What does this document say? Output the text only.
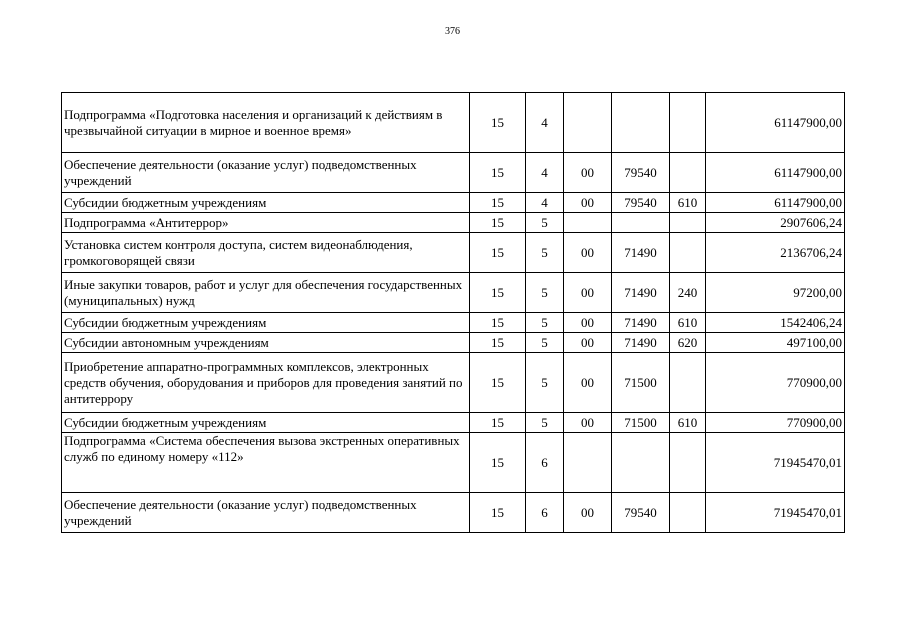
376
Подпрограмма «Подготовка населения и организаций к действиям в чрезвычайной ситуации в мирное и военное время»	15	4				61147900,00
Обеспечение деятельности (оказание услуг) подведомственных учреждений	15	4	00	79540		61147900,00
Субсидии бюджетным учреждениям	15	4	00	79540	610	61147900,00
Подпрограмма «Антитеррор»	15	5				2907606,24
Установка систем контроля доступа, систем видеонаблюдения, громкоговорящей связи	15	5	00	71490		2136706,24
Иные закупки товаров, работ и услуг для обеспечения государственных (муниципальных) нужд	15	5	00	71490	240	97200,00
Субсидии бюджетным учреждениям	15	5	00	71490	610	1542406,24
Субсидии автономным учреждениям	15	5	00	71490	620	497100,00
Приобретение аппаратно-программных комплексов, электронных средств обучения, оборудования и приборов для проведения занятий по антитеррору	15	5	00	71500		770900,00
Субсидии бюджетным учреждениям	15	5	00	71500	610	770900,00
Подпрограмма «Система обеспечения вызова экстренных оперативных служб по единому номеру «112»	15	6				71945470,01
Обеспечение деятельности (оказание услуг) подведомственных учреждений	15	6	00	79540		71945470,01
